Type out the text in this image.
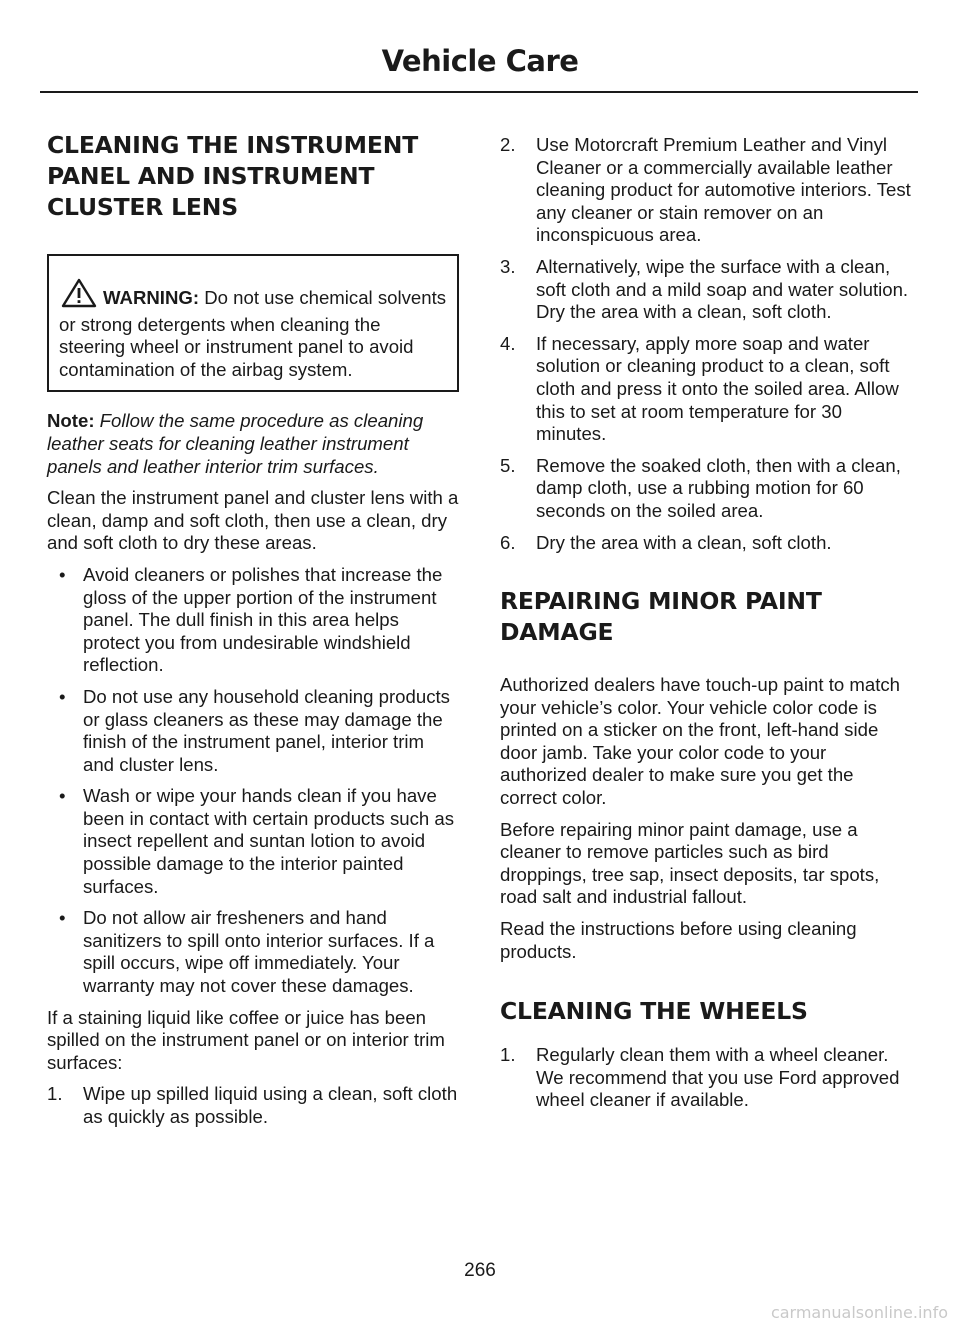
Vehicle Care
CLEANING THE INSTRUMENT
PANEL AND INSTRUMENT
CLUSTER LENS
WARNING: Do not use chemical solvents or strong detergents when cleaning the steering wheel or instrument panel to avoid contamination of the airbag system.

Note: Follow the same procedure as cleaning leather seats for cleaning leather instrument panels and leather interior trim surfaces.

Clean the instrument panel and cluster lens with a clean, damp and soft cloth, then use a clean, dry and soft cloth to dry these areas.

• Avoid cleaners or polishes that increase the gloss of the upper portion of the instrument panel. The dull finish in this area helps protect you from undesirable windshield reflection.
• Do not use any household cleaning products or glass cleaners as these may damage the finish of the instrument panel, interior trim and cluster lens.
• Wash or wipe your hands clean if you have been in contact with certain products such as insect repellent and suntan lotion to avoid possible damage to the interior painted surfaces.
• Do not allow air fresheners and hand sanitizers to spill onto interior surfaces. If a spill occurs, wipe off immediately. Your warranty may not cover these damages.

If a staining liquid like coffee or juice has been spilled on the instrument panel or on interior trim surfaces:

1. Wipe up spilled liquid using a clean, soft cloth as quickly as possible.
2. Use Motorcraft Premium Leather and Vinyl Cleaner or a commercially available leather cleaning product for automotive interiors. Test any cleaner or stain remover on an inconspicuous area.
3. Alternatively, wipe the surface with a clean, soft cloth and a mild soap and water solution. Dry the area with a clean, soft cloth.
4. If necessary, apply more soap and water solution or cleaning product to a clean, soft cloth and press it onto the soiled area. Allow this to set at room temperature for 30 minutes.
5. Remove the soaked cloth, then with a clean, damp cloth, use a rubbing motion for 60 seconds on the soiled area.
6. Dry the area with a clean, soft cloth.
REPAIRING MINOR PAINT
DAMAGE

Authorized dealers have touch-up paint to match your vehicle’s color. Your vehicle color code is printed on a sticker on the front, left-hand side door jamb. Take your color code to your authorized dealer to make sure you get the correct color.

Before repairing minor paint damage, use a cleaner to remove particles such as bird droppings, tree sap, insect deposits, tar spots, road salt and industrial fallout.

Read the instructions before using cleaning products.

CLEANING THE WHEELS
1. Regularly clean them with a wheel cleaner. We recommend that you use Ford approved wheel cleaner if available.
266
carmanualsonline.info
